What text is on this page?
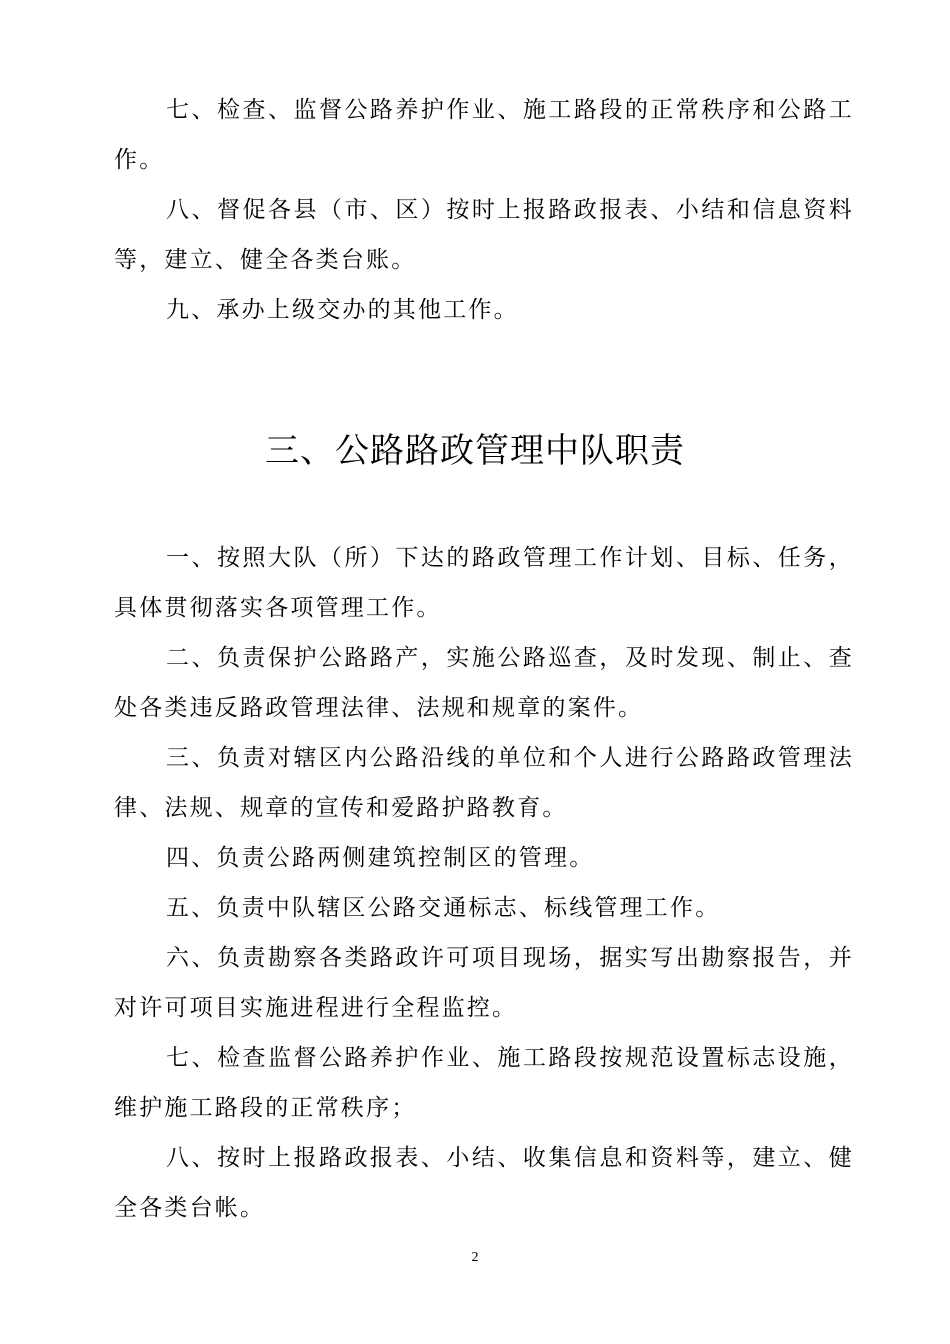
七、检查、监督公路养护作业、施工路段的正常秩序和公路工作。

八、督促各县（市、区）按时上报路政报表、小结和信息资料等，建立、健全各类台账。

九、承办上级交办的其他工作。

三、公路路政管理中队职责

一、按照大队（所）下达的路政管理工作计划、目标、任务，具体贯彻落实各项管理工作。

二、负责保护公路路产，实施公路巡查，及时发现、制止、查处各类违反路政管理法律、法规和规章的案件。

三、负责对辖区内公路沿线的单位和个人进行公路路政管理法律、法规、规章的宣传和爱路护路教育。

四、负责公路两侧建筑控制区的管理。

五、负责中队辖区公路交通标志、标线管理工作。

六、负责勘察各类路政许可项目现场，据实写出勘察报告，并对许可项目实施进程进行全程监控。

七、检查监督公路养护作业、施工路段按规范设置标志设施，维护施工路段的正常秩序；

八、按时上报路政报表、小结、收集信息和资料等，建立、健全各类台帐。

2
